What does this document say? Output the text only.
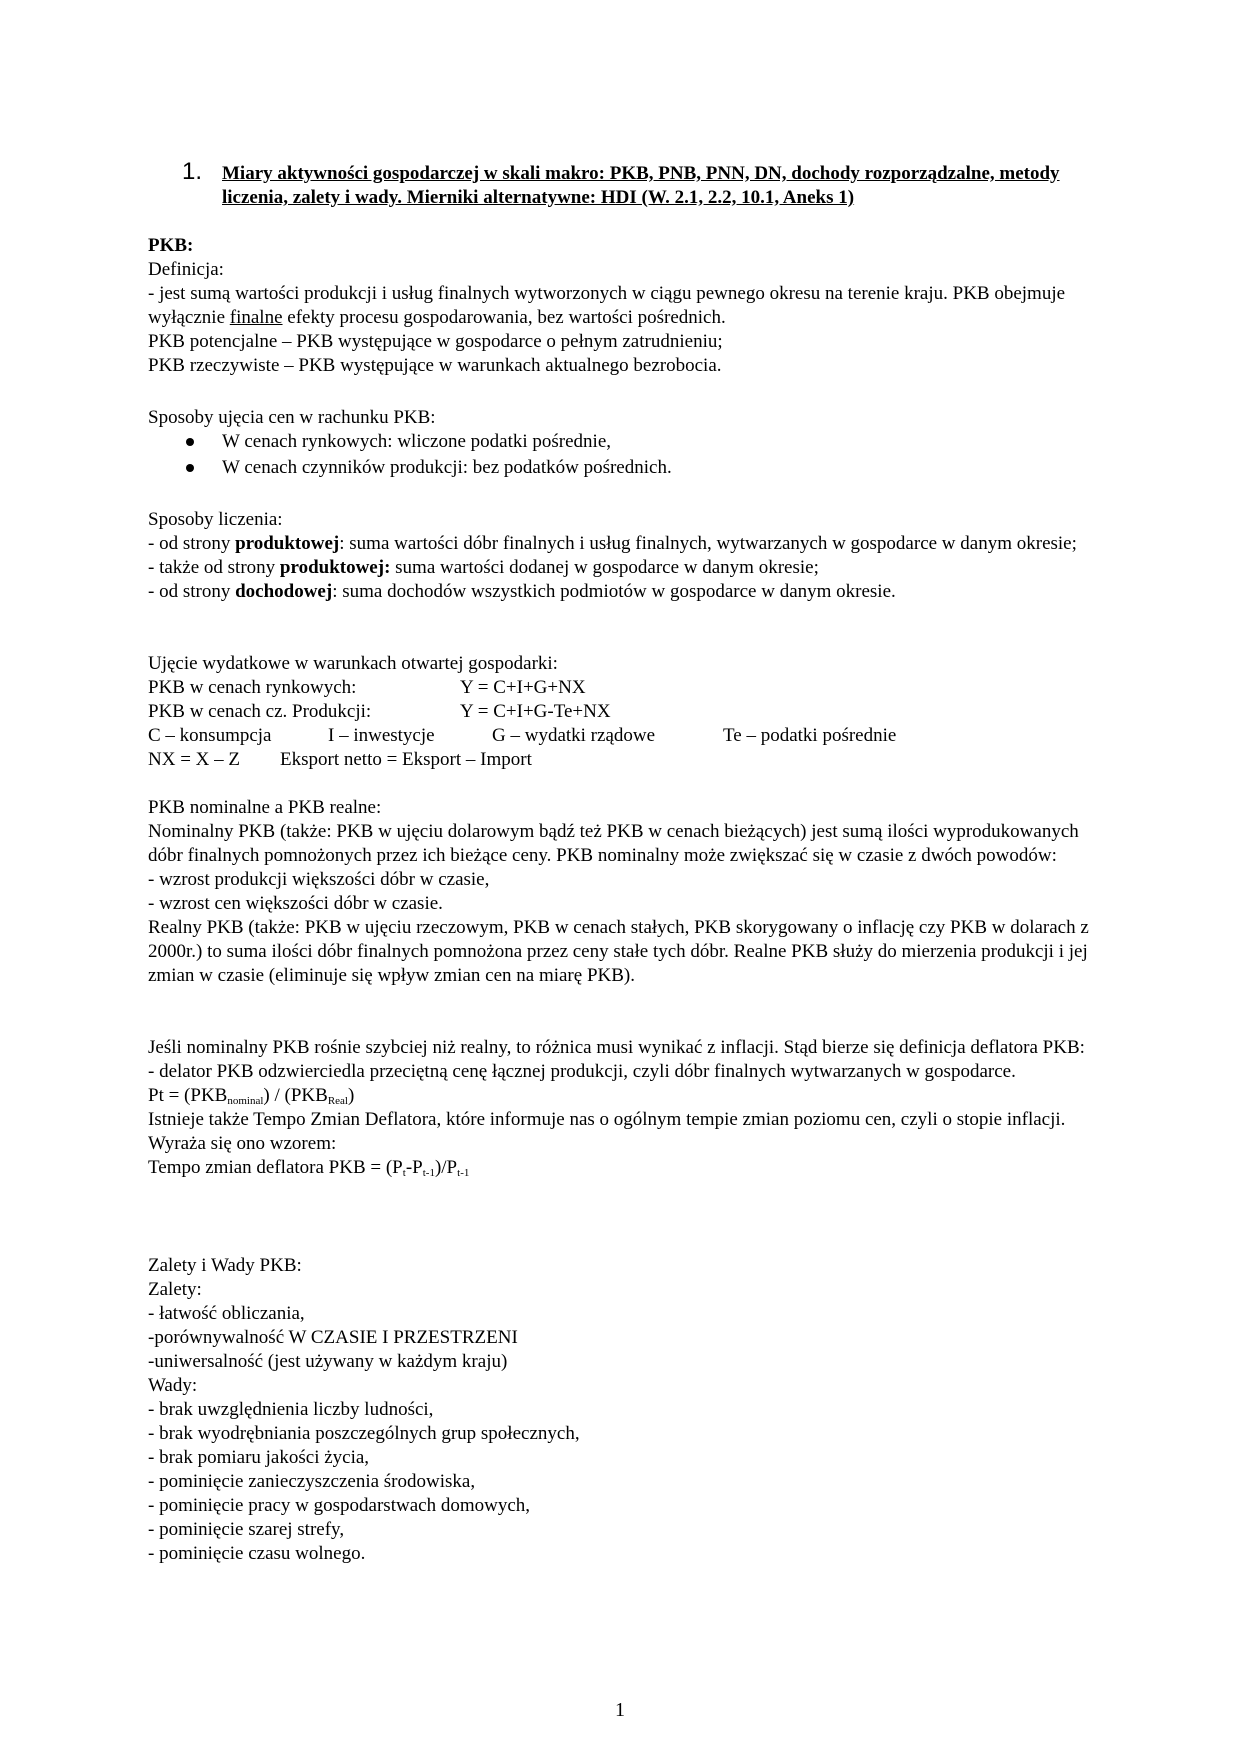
1. Miary aktywności gospodarczej w skali makro: PKB, PNB, PNN, DN, dochody rozporządzalne, metody liczenia, zalety i wady. Mierniki alternatywne: HDI (W. 2.1, 2.2, 10.1, Aneks 1)
PKB:
Definicja:
- jest sumą wartości produkcji i usług finalnych wytworzonych w ciągu pewnego okresu na terenie kraju. PKB obejmuje wyłącznie finalne efekty procesu gospodarowania, bez wartości pośrednich.
PKB potencjalne – PKB występujące w gospodarce o pełnym zatrudnieniu;
PKB rzeczywiste – PKB występujące w warunkach aktualnego bezrobocia.
Sposoby ujęcia cen w rachunku PKB:
W cenach rynkowych: wliczone podatki pośrednie,
W cenach czynników produkcji: bez podatków pośrednich.
Sposoby liczenia:
- od strony produktowej: suma wartości dóbr finalnych i usług finalnych, wytwarzanych w gospodarce w danym okresie;
- także od strony produktowej: suma wartości dodanej w gospodarce w danym okresie;
- od strony dochodowej: suma dochodów wszystkich podmiotów w gospodarce w danym okresie.
Ujęcie wydatkowe w warunkach otwartej gospodarki:
PKB w cenach rynkowych:	Y = C+I+G+NX
PKB w cenach cz. Produkcji:	Y = C+I+G-Te+NX
C – konsumpcja	I – inwestycje	G – wydatki rządowe	Te – podatki pośrednie
NX = X – Z Eksport netto = Eksport – Import
PKB nominalne a PKB realne:
Nominalny PKB (także: PKB w ujęciu dolarowym bądź też PKB w cenach bieżących) jest sumą ilości wyprodukowanych dóbr finalnych pomnożonych przez ich bieżące ceny. PKB nominalny może zwiększać się w czasie z dwóch powodów:
- wzrost produkcji większości dóbr w czasie,
- wzrost cen większości dóbr w czasie.
Realny PKB (także: PKB w ujęciu rzeczowym, PKB w cenach stałych, PKB skorygowany o inflację czy PKB w dolarach z 2000r.) to suma ilości dóbr finalnych pomnożona przez ceny stałe tych dóbr. Realne PKB służy do mierzenia produkcji i jej zmian w czasie (eliminuje się wpływ zmian cen na miarę PKB).
Jeśli nominalny PKB rośnie szybciej niż realny, to różnica musi wynikać z inflacji. Stąd bierze się definicja deflatora PKB:
- delator PKB odzwierciedla przeciętną cenę łącznej produkcji, czyli dóbr finalnych wytwarzanych w gospodarce.
$Pt = (PKB_{nominal}) / (PKB_{Real})$
Istnieje także Tempo Zmian Deflatora, które informuje nas o ogólnym tempie zmian poziomu cen, czyli o stopie inflacji. Wyraża się ono wzorem:
Tempo zmian deflatora PKB = $(P_t-P_{t-1})/P_{t-1}$
Zalety i Wady PKB:
Zalety:
- łatwość obliczania,
-porównywalność W CZASIE I PRZESTRZENI
-uniwersalność (jest używany w każdym kraju)
Wady:
- brak uwzględnienia liczby ludności,
- brak wyodrębniania poszczególnych grup społecznych,
- brak pomiaru jakości życia,
- pominięcie zanieczyszczenia środowiska,
- pominięcie pracy w gospodarstwach domowych,
- pominięcie szarej strefy,
- pominięcie czasu wolnego.
1
